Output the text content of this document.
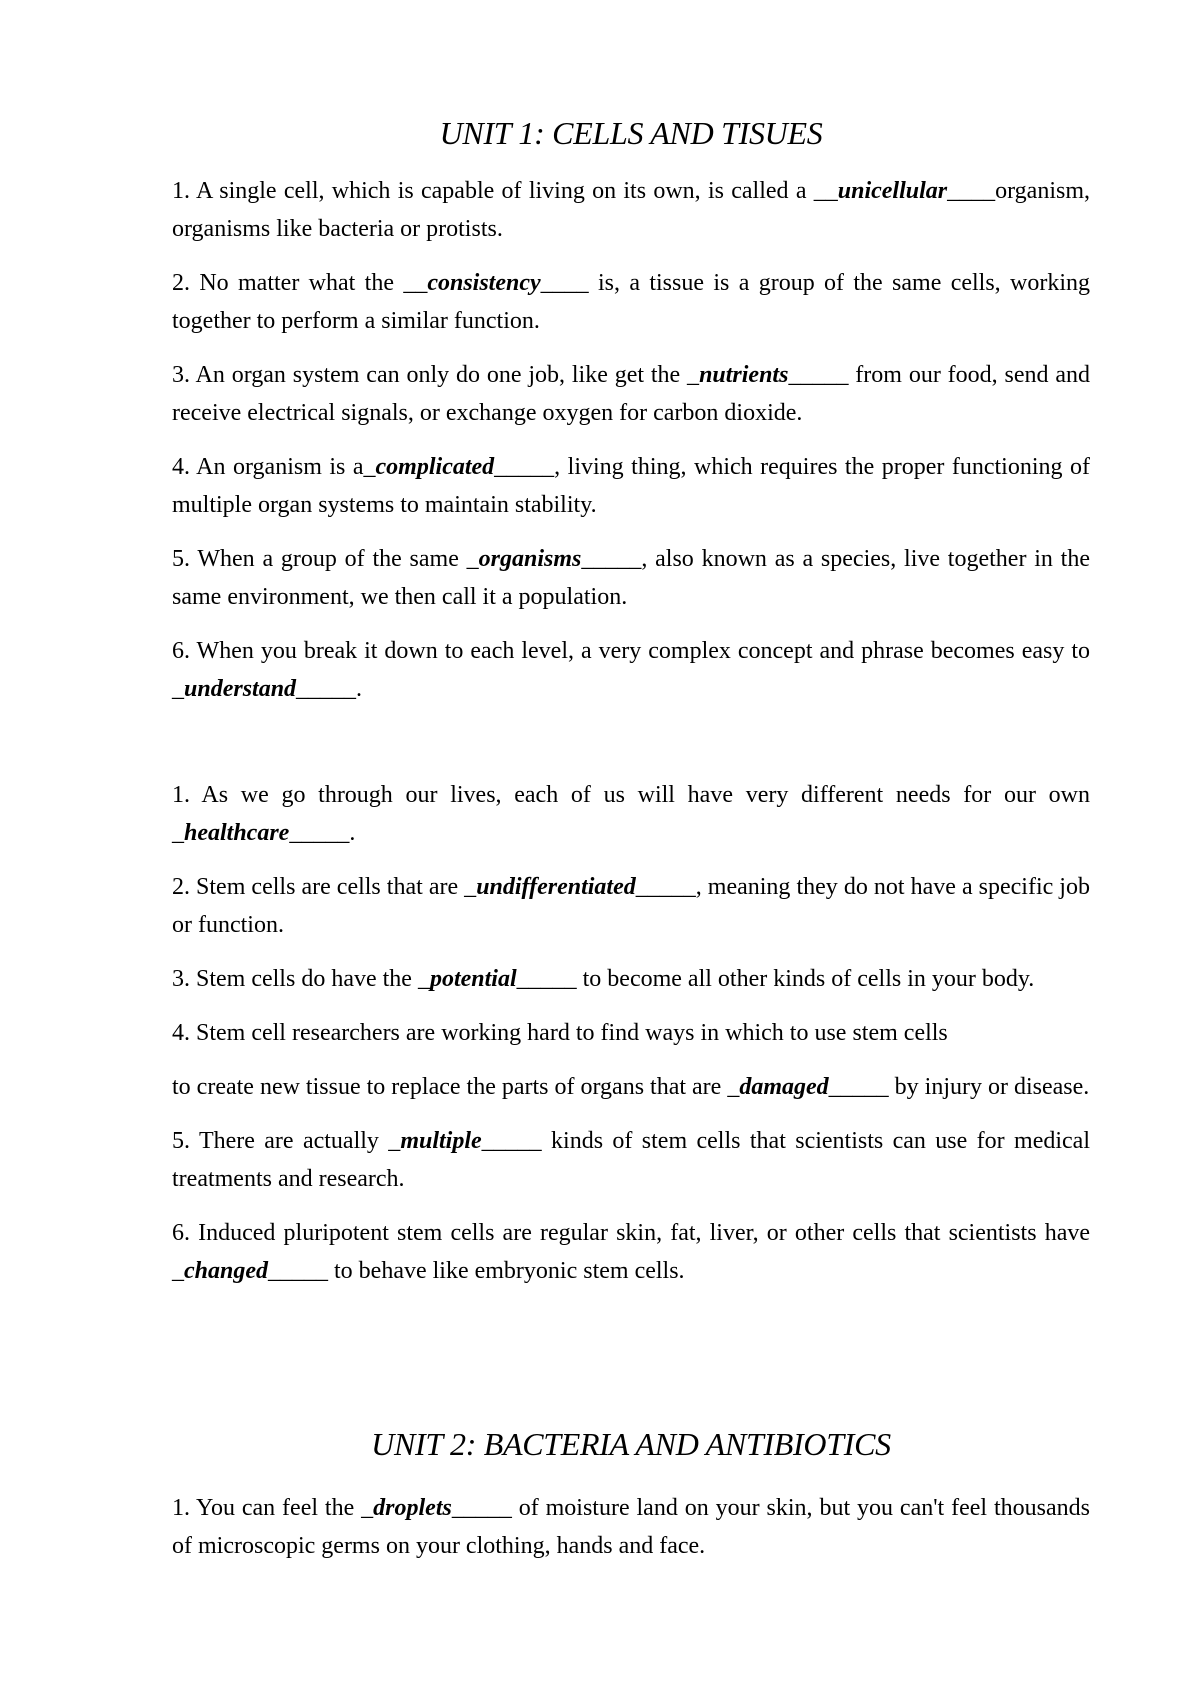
UNIT 1: CELLS AND TISUES

1. A single cell, which is capable of living on its own, is called a __unicellular____organism, organisms like bacteria or protists.

2. No matter what the __consistency____ is, a tissue is a group of the same cells, working together to perform a similar function.

3. An organ system can only do one job, like get the _nutrients_____ from our food, send and receive electrical signals, or exchange oxygen for carbon dioxide.

4. An organism is a_complicated_____, living thing, which requires the proper functioning of multiple organ systems to maintain stability.

5. When a group of the same _organisms_____, also known as a species, live together in the same environment, we then call it a population.

6. When you break it down to each level, a very complex concept and phrase becomes easy to _understand_____.

1. As we go through our lives, each of us will have very different needs for our own _healthcare_____.

2. Stem cells are cells that are _undifferentiated_____, meaning they do not have a specific job or function.

3. Stem cells do have the _potential_____ to become all other kinds of cells in your body.

4. Stem cell researchers are working hard to find ways in which to use stem cells

to create new tissue to replace the parts of organs that are _damaged_____ by injury or disease.

5. There are actually _multiple_____ kinds of stem cells that scientists can use for medical treatments and research.

6. Induced pluripotent stem cells are regular skin, fat, liver, or other cells that scientists have _changed_____ to behave like embryonic stem cells.

UNIT 2: BACTERIA AND ANTIBIOTICS

1. You can feel the _droplets_____ of moisture land on your skin, but you can't feel thousands of microscopic germs on your clothing, hands and face.
